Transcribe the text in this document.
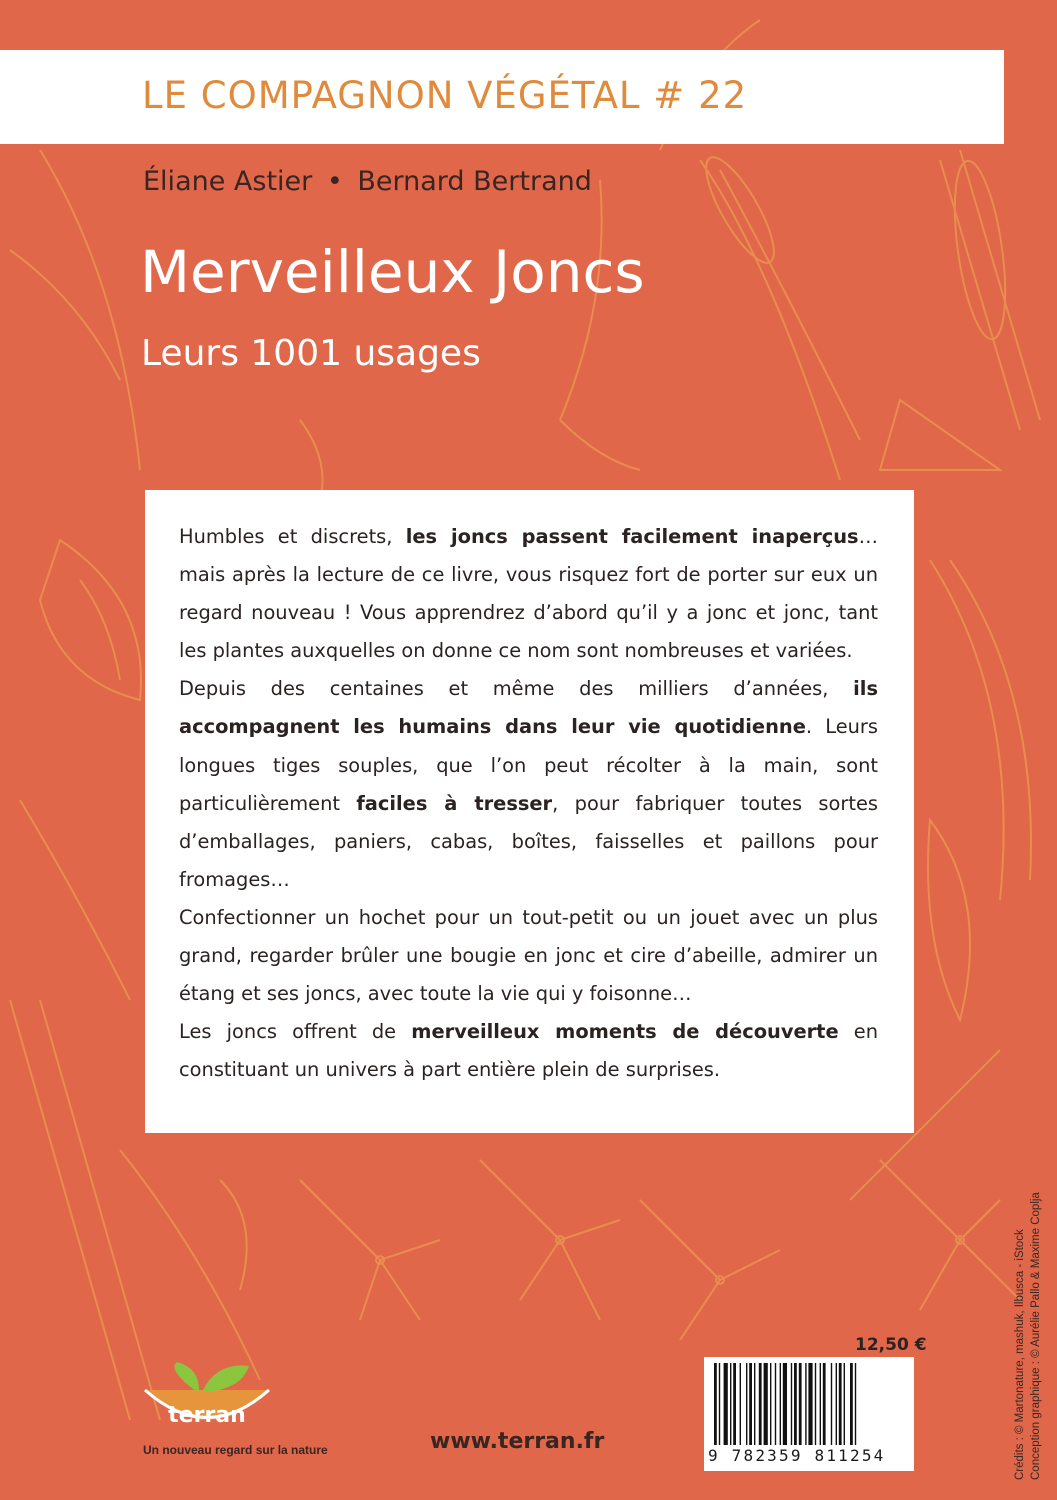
LE COMPAGNON VÉGÉTAL # 22
Éliane Astier • Bernard Bertrand
Merveilleux Joncs
Leurs 1001 usages

Humbles et discrets, les joncs passent facilement inaperçus… mais après la lecture de ce livre, vous risquez fort de porter sur eux un regard nouveau ! Vous apprendrez d’abord qu’il y a jonc et jonc, tant les plantes auxquelles on donne ce nom sont nombreuses et variées.

Depuis des centaines et même des milliers d’années, ils accompagnent les humains dans leur vie quotidienne. Leurs longues tiges souples, que l’on peut récolter à la main, sont particulièrement faciles à tresser, pour fabriquer toutes sortes d’emballages, paniers, cabas, boîtes, faisselles et paillons pour fromages…

Confectionner un hochet pour un tout-petit ou un jouet avec un plus grand, regarder brûler une bougie en jonc et cire d’abeille, admirer un étang et ses joncs, avec toute la vie qui y foisonne…

Les joncs offrent de merveilleux moments de découverte en constituant un univers à part entière plein de surprises.

terran
Un nouveau regard sur la nature	www.terran.fr
12,50 €
9 782359 811254	Crédits : © Martonature, mashuk, Ilbusca - iStock Conception graphique : © Aurélie Pallo & Maxime Coplja
